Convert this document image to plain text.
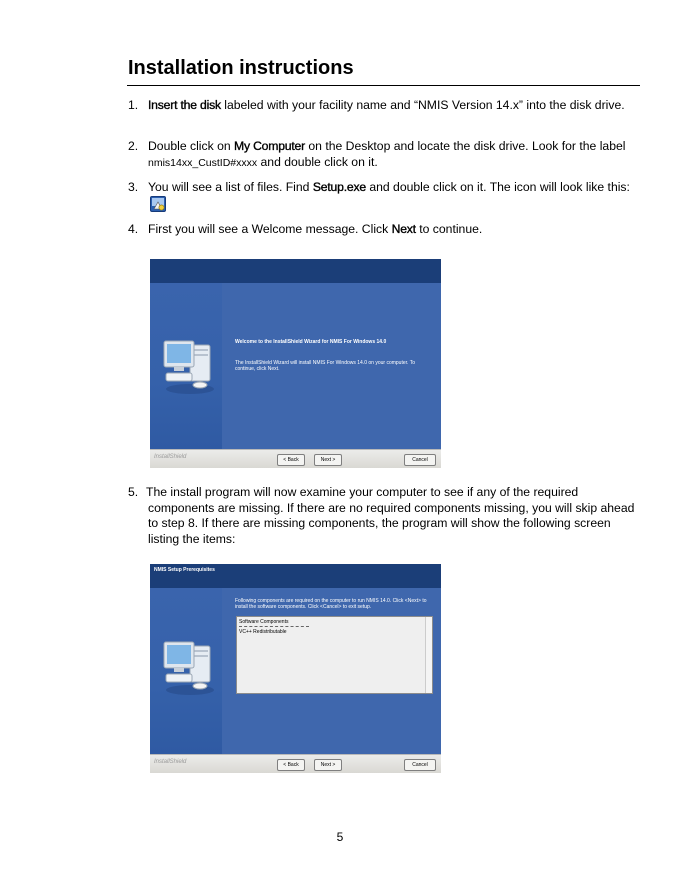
Installation instructions
1. Insert the disk labeled with your facility name and “NMIS Version 14.x” into the disk drive.
2. Double click on My Computer on the Desktop and locate the disk drive. Look for the label nmis14xx_CustID#xxxx and double click on it.
3. You will see a list of files. Find Setup.exe and double click on it. The icon will look like this:
4. First you will see a Welcome message. Click Next to continue.
Welcome to the InstallShield Wizard for NMIS For Windows 14.0
The InstallShield Wizard will install NMIS For Windows 14.0 on your computer. To continue, click Next.
InstallShield	< Back	Next >	Cancel
5. The install program will now examine your computer to see if any of the required components are missing. If there are no required components missing, you will skip ahead to step 8. If there are missing components, the program will show the following screen listing the items:
NMIS Setup Prerequisites
Following components are required on the computer to run NMIS 14.0. Click <Next> to install the software components. Click <Cancel> to exit setup.
Software Components
VC++ Redistributable
InstallShield	< Back	Next >	Cancel
5
